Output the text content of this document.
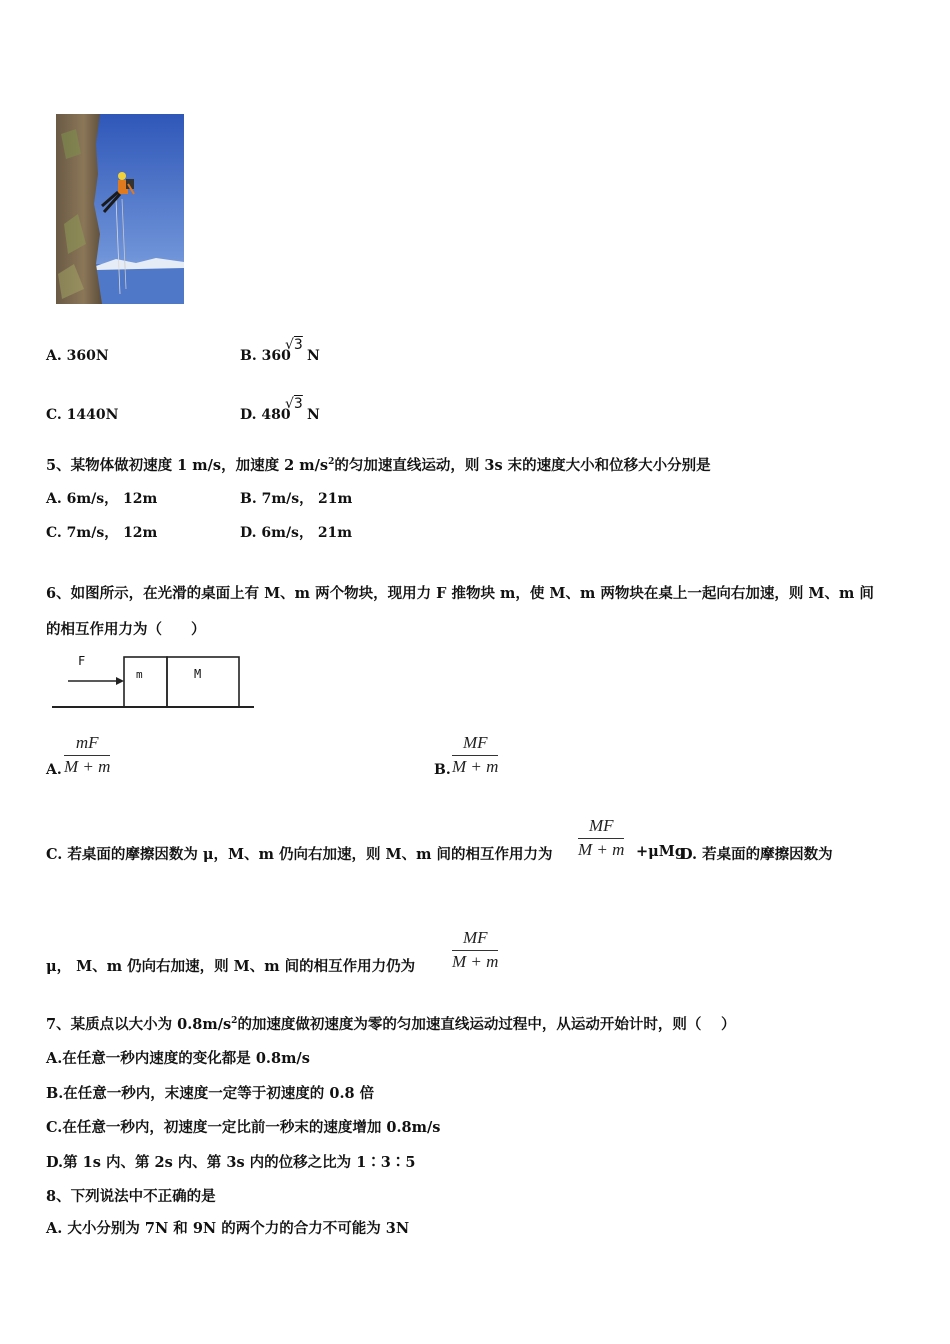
A. 360N	B. 360
√3
N
C. 1440N	D. 480
√3
N
5、某物体做初速度 1 m/s，加速度 2 $m/s^2$的匀加速直线运动，则 3s 末的速度大小和位移大小分别是
A. 6m/s， 12m	B. 7m/s， 21m
C. 7m/s， 12m	D. 6m/s， 21m
6、如图所示，在光滑的桌面上有 M、m 两个物块，现用力 F 推物块 m，使 M、m 两物块在桌上一起向右加速，则 M、m 间
的相互作用力为（　　）
F
m	M
A.
mF
M + m	B.
MF
M + m
C. 若桌面的摩擦因数为 μ，M、m 仍向右加速，则 M、m 间的相互作用力为
MF
M + m +μMg
D. 若桌面的摩擦因数为
μ， M、m 仍向右加速，则 M、m 间的相互作用力仍为
MF
M + m
7、某质点以大小为 $0.8m/s^2$的加速度做初速度为零的匀加速直线运动过程中，从运动开始计时，则（　 ）
A.在任意一秒内速度的变化都是 0.8m/s
B.在任意一秒内，末速度一定等于初速度的 0.8 倍
C.在任意一秒内，初速度一定比前一秒末的速度增加 0.8m/s
D.第 1s 内、第 2s 内、第 3s 内的位移之比为 1∶3∶5
8、下列说法中不正确的是
A. 大小分别为 7N 和 9N 的两个力的合力不可能为 3N
